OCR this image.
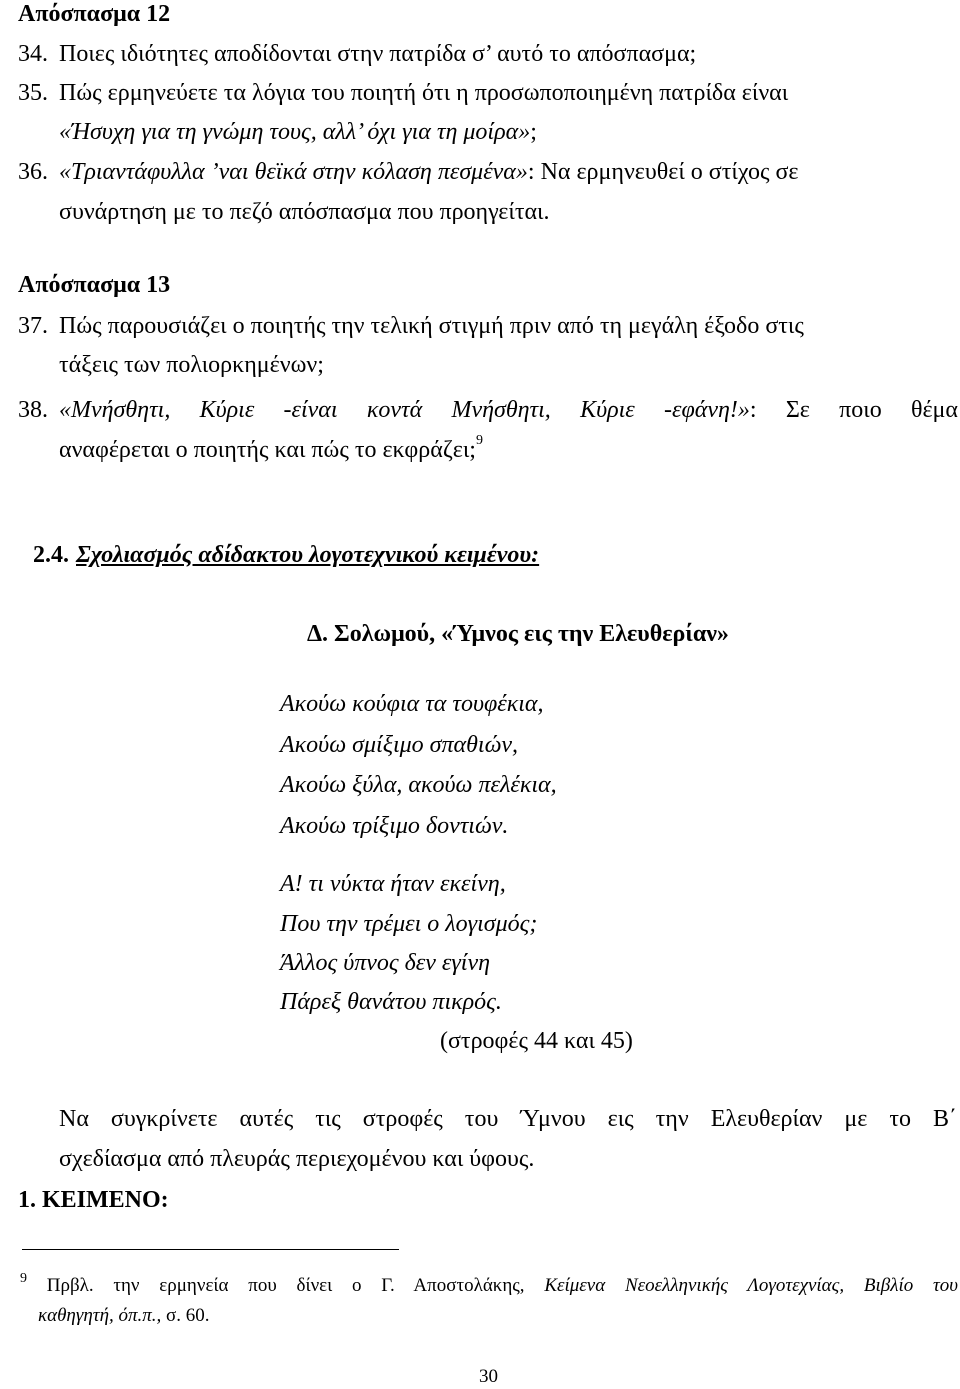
Απόσπασμα 12
34. Ποιες ιδιότητες αποδίδονται στην πατρίδα σ’ αυτό το απόσπασμα;
35. Πώς ερμηνεύετε τα λόγια του ποιητή ότι η προσωποποιημένη πατρίδα είναι
«Ήσυχη για τη γνώμη τους, αλλ’ όχι για τη μοίρα»;
36. «Τριαντάφυλλα ’ναι θεϊκά στην κόλαση πεσμένα»: Να ερμηνευθεί ο στίχος σε
συνάρτηση με το πεζό απόσπασμα που προηγείται.
Απόσπασμα 13
37. Πώς παρουσιάζει ο ποιητής την τελική στιγμή πριν από τη μεγάλη έξοδο στις
τάξεις των πολιορκημένων;
38. «Μνήσθητι, Κύριε -είναι κοντά Μνήσθητι, Κύριε -εφάνη!»: Σε ποιο θέμα
αναφέρεται ο ποιητής και πώς το εκφράζει;$^9$
2.4. Σχολιασμός αδίδακτου λογοτεχνικού κειμένου:
Δ. Σολωμού, «Ύμνος εις την Ελευθερίαν»
Ακούω κούφια τα τουφέκια,
Ακούω σμίξιμο σπαθιών,
Ακούω ξύλα, ακούω πελέκια,
Ακούω τρίξιμο δοντιών.
Α! τι νύκτα ήταν εκείνη,
Που την τρέμει ο λογισμός;
Άλλος ύπνος δεν εγίνη
Πάρεξ θανάτου πικρός.
(στροφές 44 και 45)
Να συγκρίνετε αυτές τις στροφές του Ύμνου εις την Ελευθερίαν με το Β΄
σχεδίασμα από πλευράς περιεχομένου και ύφους.
1. ΚΕΙΜΕΝΟ:
$^9$ Πρβλ. την ερμηνεία που δίνει ο Γ. Αποστολάκης, Κείμενα Νεοελληνικής Λογοτεχνίας, Βιβλίο του
καθηγητή, όπ.π., σ. 60.
30
